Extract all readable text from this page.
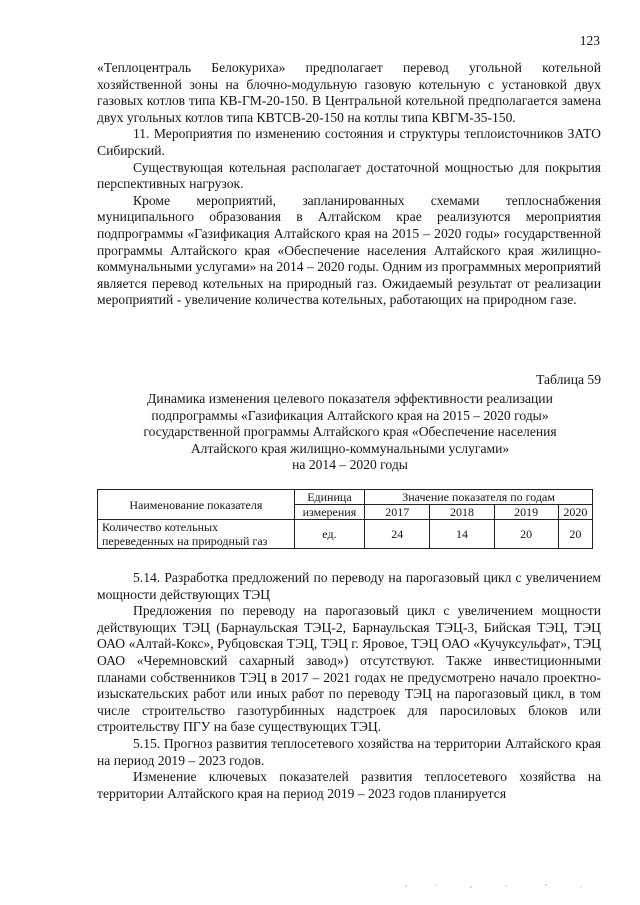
123

«Теплоцентраль Белокуриха» предполагает перевод угольной котельной хозяйственной зоны на блочно-модульную газовую котельную с установкой двух газовых котлов типа КВ-ГМ-20-150. В Центральной котельной предполагается замена двух угольных котлов типа КВТСВ-20-150 на котлы типа КВГМ-35-150.

11. Мероприятия по изменению состояния и структуры теплоисточников ЗАТО Сибирский.

Существующая котельная располагает достаточной мощностью для покрытия перспективных нагрузок.

Кроме мероприятий, запланированных схемами теплоснабжения муниципального образования в Алтайском крае реализуются мероприятия подпрограммы «Газификация Алтайского края на 2015 – 2020 годы» государственной программы Алтайского края «Обеспечение населения Алтайского края жилищно-коммунальными услугами» на 2014 – 2020 годы. Одним из программных мероприятий является перевод котельных на природный газ. Ожидаемый результат от реализации мероприятий - увеличение количества котельных, работающих на природном газе.

Таблица 59
Динамика изменения целевого показателя эффективности реализации
подпрограммы «Газификация Алтайского края на 2015 – 2020 годы»
государственной программы Алтайского края «Обеспечение населения
Алтайского края жилищно-коммунальными услугами»
на 2014 – 2020 годы
Наименование показателя	Единица	Значение показателя по годам			
	измерения	2017	2018	2019	2020

Количество котельных
переведенных на природный газ	ед.	24	14	20	20

5.14. Разработка предложений по переводу на парогазовый цикл с увеличением мощности действующих ТЭЦ

Предложения по переводу на парогазовый цикл с увеличением мощности действующих ТЭЦ (Барнаульская ТЭЦ-2, Барнаульская ТЭЦ-3, Бийская ТЭЦ, ТЭЦ ОАО «Алтай-Кокс», Рубцовская ТЭЦ, ТЭЦ г. Яровое, ТЭЦ ОАО «Кучуксульфат», ТЭЦ ОАО «Черемновский сахарный завод») отсутствуют. Также инвестиционными планами собственников ТЭЦ в 2017 – 2021 годах не предусмотрено начало проектно-изыскательских работ или иных работ по переводу ТЭЦ на парогазовый цикл, в том числе строительство газотурбинных надстроек для паросиловых блоков или строительству ПГУ на базе существующих ТЭЦ.

5.15. Прогноз развития теплосетевого хозяйства на территории Алтайского края на период 2019 – 2023 годов.

Изменение ключевых показателей развития теплосетевого хозяйства на территории Алтайского края на период 2019 – 2023 годов планируется
